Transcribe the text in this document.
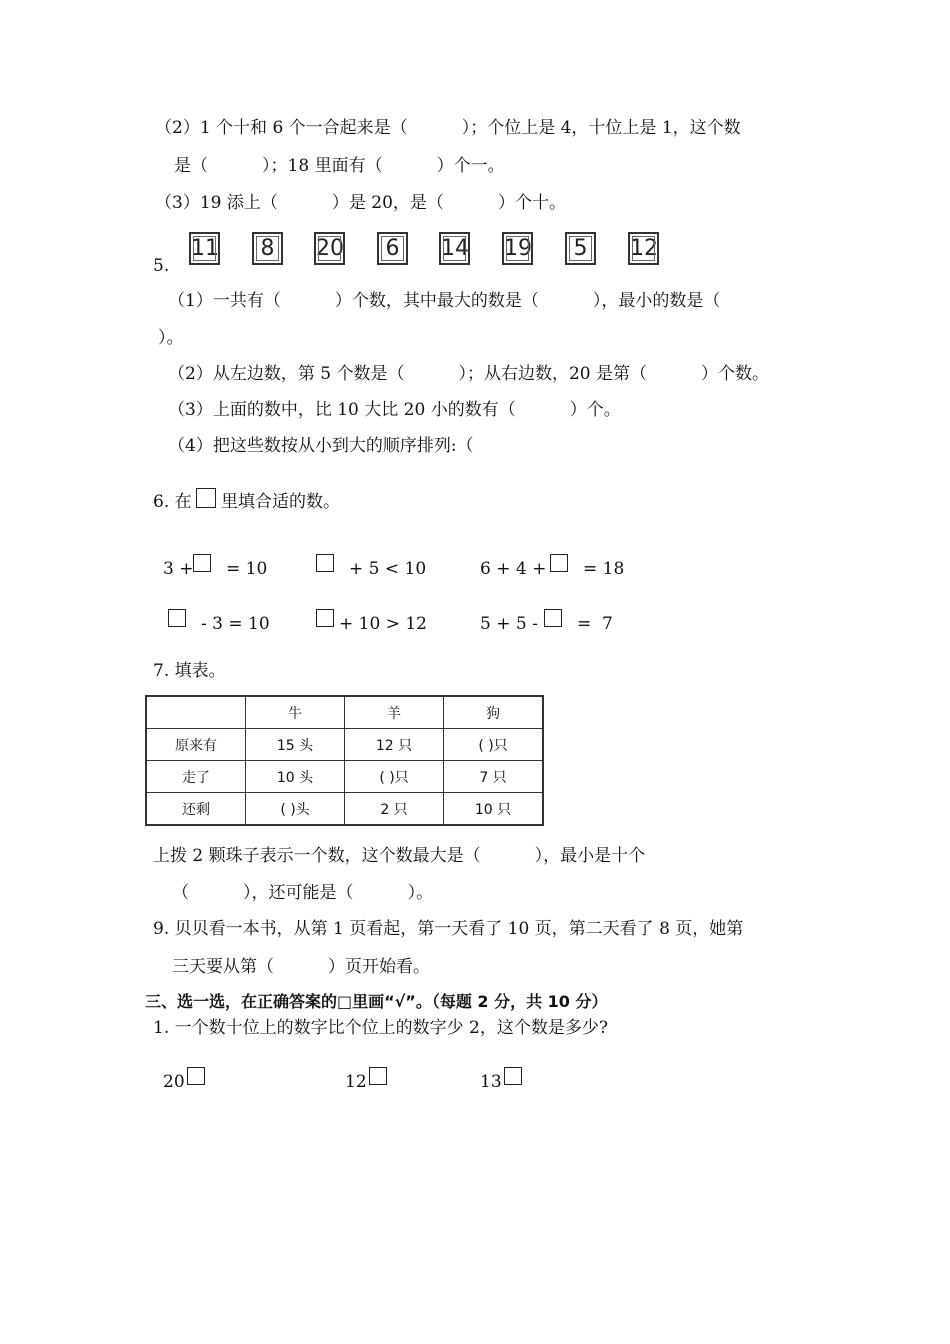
（2）1 个十和 6 个一合起来是（          ）；个位上是 4，十位上是 1，这个数
是（          ）；18 里面有（          ）个一。
（3）19 添上（          ）是 20，是（          ）个十。
5.
11	8	20	6	14 19	5	12
（1）一共有（          ）个数，其中最大的数是（          ），最小的数是（
）。
（2）从左边数，第 5 个数是（          ）；从右边数，20 是第（          ）个数。
（3）上面的数中，比 10 大比 20 小的数有（          ）个。
（4）把这些数按从小到大的顺序排列:（
6. 在 里填合适的数。
3 + = 10	+ 5 < 10	6 + 4 + = 18
- 3 = 10	+ 10 > 12	5 + 5 - =  7
7. 填表。
	牛	羊	狗
原来有	15 头	12 只	( )只
走了	10 头	( )只	7 只
还剩	( )头	2 只	10 只
上拨 2 颗珠子表示一个数，这个数最大是（          ），最小是十个
（          ），还可能是（          ）。
9. 贝贝看一本书，从第 1 页看起，第一天看了 10 页，第二天看了 8 页，她第
三天要从第（          ）页开始看。
三、选一选，在正确答案的□里画“√”。（每题 2 分，共 10 分）
1. 一个数十位上的数字比个位上的数字少 2，这个数是多少?
20	12	13
